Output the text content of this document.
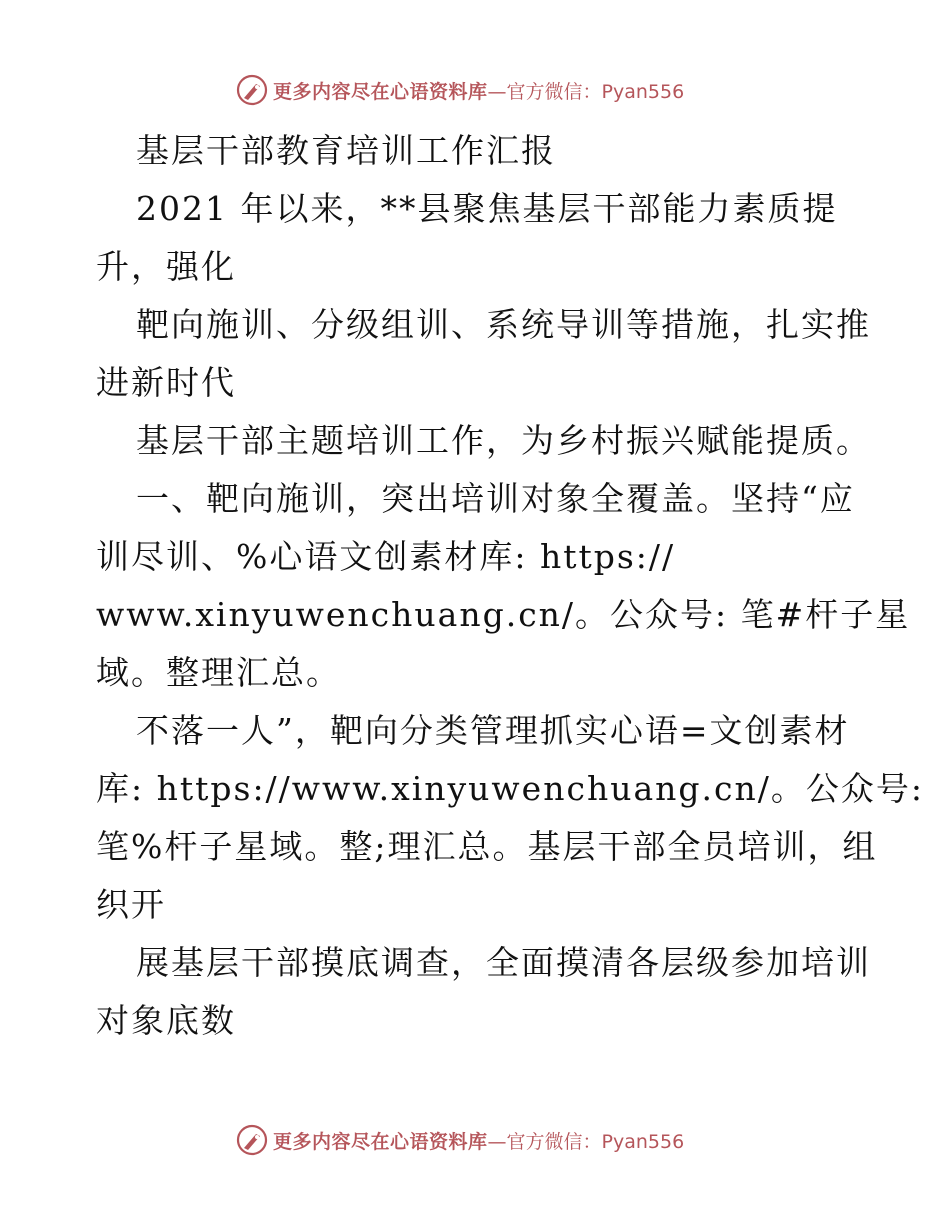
更多内容尽在心语资料库 —官方微信：Pyan556
基层干部教育培训工作汇报
2021 年以来，**县聚焦基层干部能力素质提
升，强化
靶向施训、分级组训、系统导训等措施，扎实推
进新时代
基层干部主题培训工作，为乡村振兴赋能提质。
一、靶向施训，突出培训对象全覆盖。坚持“应
训尽训、%心语文创素材库: https://
www.xinyuwenchuang.cn/。公众号: 笔#杆子星
域。整理汇总。
不落一人”，靶向分类管理抓实心语=文创素材
库: https://www.xinyuwenchuang.cn/。公众号:
笔%杆子星域。整;理汇总。基层干部全员培训，组
织开
展基层干部摸底调查，全面摸清各层级参加培训
对象底数
更多内容尽在心语资料库 —官方微信：Pyan556
